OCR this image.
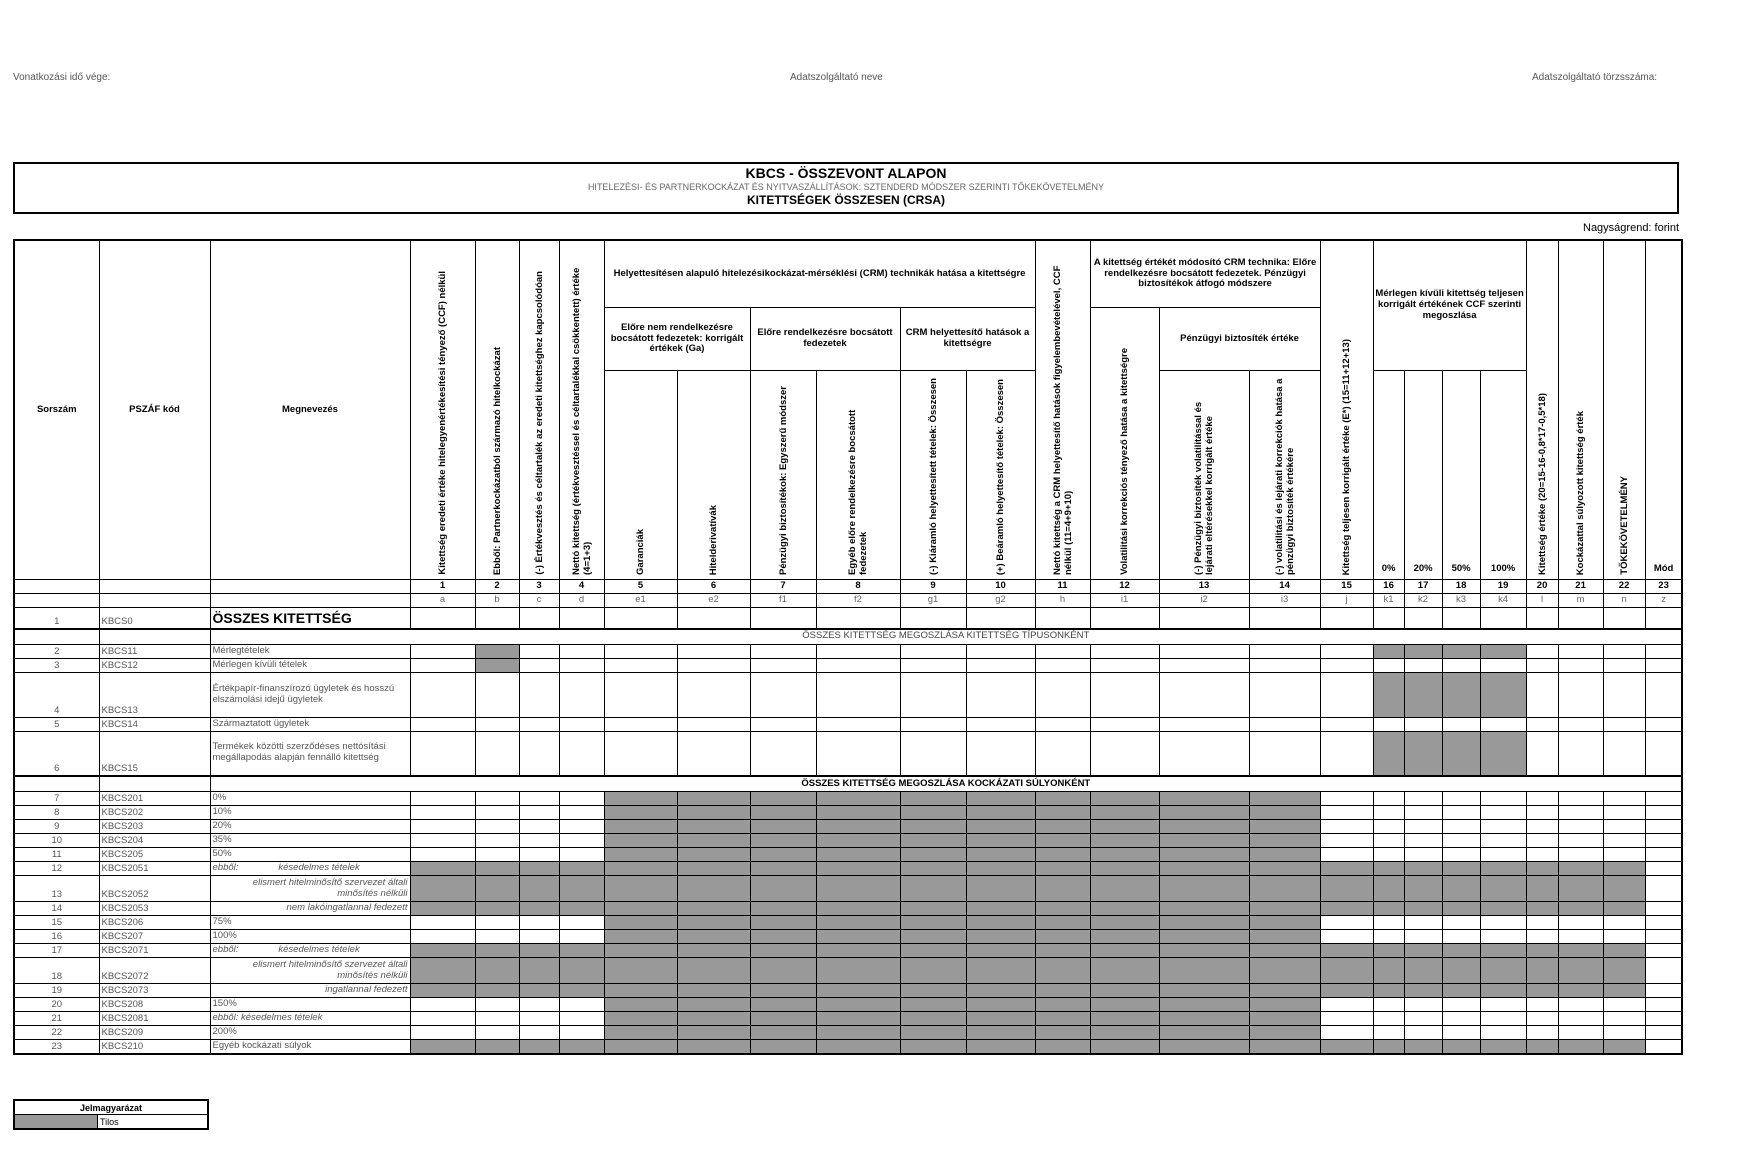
Vonatkozási idő vége:	Adatszolgáltató neve	Adatszolgáltató törzsszáma:
KBCS - ÖSSZEVONT ALAPON
HITELEZÉSI- ÉS PARTNERKOCKÁZAT ÉS NYITVASZÁLLÍTÁSOK: SZTENDERD MÓDSZER SZERINTI TŐKEKÖVETELMÉNY
KITETTSÉGEK ÖSSZESEN (CRSA)
Nagyságrend: forint
Sorszám	PSZÁF kód	Megnevezés	Kitettség eredeti értéke hitelegyenértékesítési tényező (CCF) nélkül	Ebből: Partnerkockázatból származó hitelkockázat	(-) Értékvesztés és céltartalék az eredeti kitettséghez kapcsolódóan	Nettó kitettség (értékvesztéssel és céltartalékkal csökkentett) értéke (4=1+3)	Helyettesítésen alapuló hitelezésikockázat-mérséklési (CRM) technikák hatása a kitettségre						Nettó kitettség a CRM helyettesítő hatások figyelembevételével, CCF nélkül (11=4+9+10)	A kitettség értékét módosító CRM technika: Előre rendelkezésre bocsátott fedezetek. Pénzügyi biztosítékok átfogó módszere			Kitettség teljesen korrigált értéke (E*) (15=11+12+13)	Mérlegen kívüli kitettség teljesen korrigált értékének CCF szerinti megoszlása				Kitettség értéke (20=15-16-0,8*17-0,5*18)	Kockázattal súlyozott kitettség érték	TŐKEKÖVETELMÉNY	Mód
							Előre nem rendelkezésre bocsátott fedezetek: korrigált értékek (Ga)		Előre rendelkezésre bocsátott fedezetek		CRM helyettesítő hatások a kitettségre			Volatilitási korrekciós tényező hatása a kitettségre	Pénzügyi biztosíték értéke										

							Garanciák	Hitelderivatívák	Pénzügyi biztosítékok: Egyszerű módszer	Egyéb előre rendelkezésre bocsátott fedezetek	(-) Kiáramló helyettesített tételek: Összesen	(+) Beáramló helyettesítő tételek: Összesen			(-) Pénzügyi biztosíték volatilitással és lejárati eltérésekkel korrigált értéke	(-) volatilitási és lejárati korrekciók hatása a pénzügyi biztosíték értékére		0%	20%	50%	100%				
			1	2	3	4	5	6	7	8	9	10	11	12	13	14	15	16	17	18	19	20	21	22	23
			a	b	c	d	e1	e2	f1	f2	g1	g2	h	i1	i2	i3	j	k1	k2	k3	k4	l	m	n	z
1	KBCS0	ÖSSZES KITETTSÉG																							
		ÖSSZES KITETTSÉG MEGOSZLÁSA KITETTSÉG TÍPUSONKÉNT																							
2	KBCS11	Mérlegtételek																							
3	KBCS12	Mérlegen kívüli tételek																							
4	KBCS13	Értékpapír-finanszírozó ügyletek és hosszú elszámolási idejű ügyletek																							
5	KBCS14	Származtatott ügyletek																							
6	KBCS15	Termékek közötti szerződéses nettósítási megállapodás alapján fennálló kitettség																							
		ÖSSZES KITETTSÉG MEGOSZLÁSA KOCKÁZATI SÚLYONKÉNT																							
7	KBCS201	0%																							
8	KBCS202	10%																							
9	KBCS203	20%																							
10	KBCS204	35%																							
11	KBCS205	50%																							
12	KBCS2051	ebből: késedelmes tételek																							
13	KBCS2052	elismert hitelminősítő szervezet általi minősítés nélküli																							
14	KBCS2053	nem lakóingatlannal fedezett																							
15	KBCS206	75%																							
16	KBCS207	100%																							
17	KBCS2071	ebből: késedelmes tételek																							
18	KBCS2072	elismert hitelminősítő szervezet általi minősítés nélküli																							
19	KBCS2073	ingatlannal fedezett																							
20	KBCS208	150%																							
21	KBCS2081	ebből: késedelmes tételek																							
22	KBCS209	200%																							
23	KBCS210	Egyéb kockázati súlyok																							
Jelmagyarázat
	Tilos
